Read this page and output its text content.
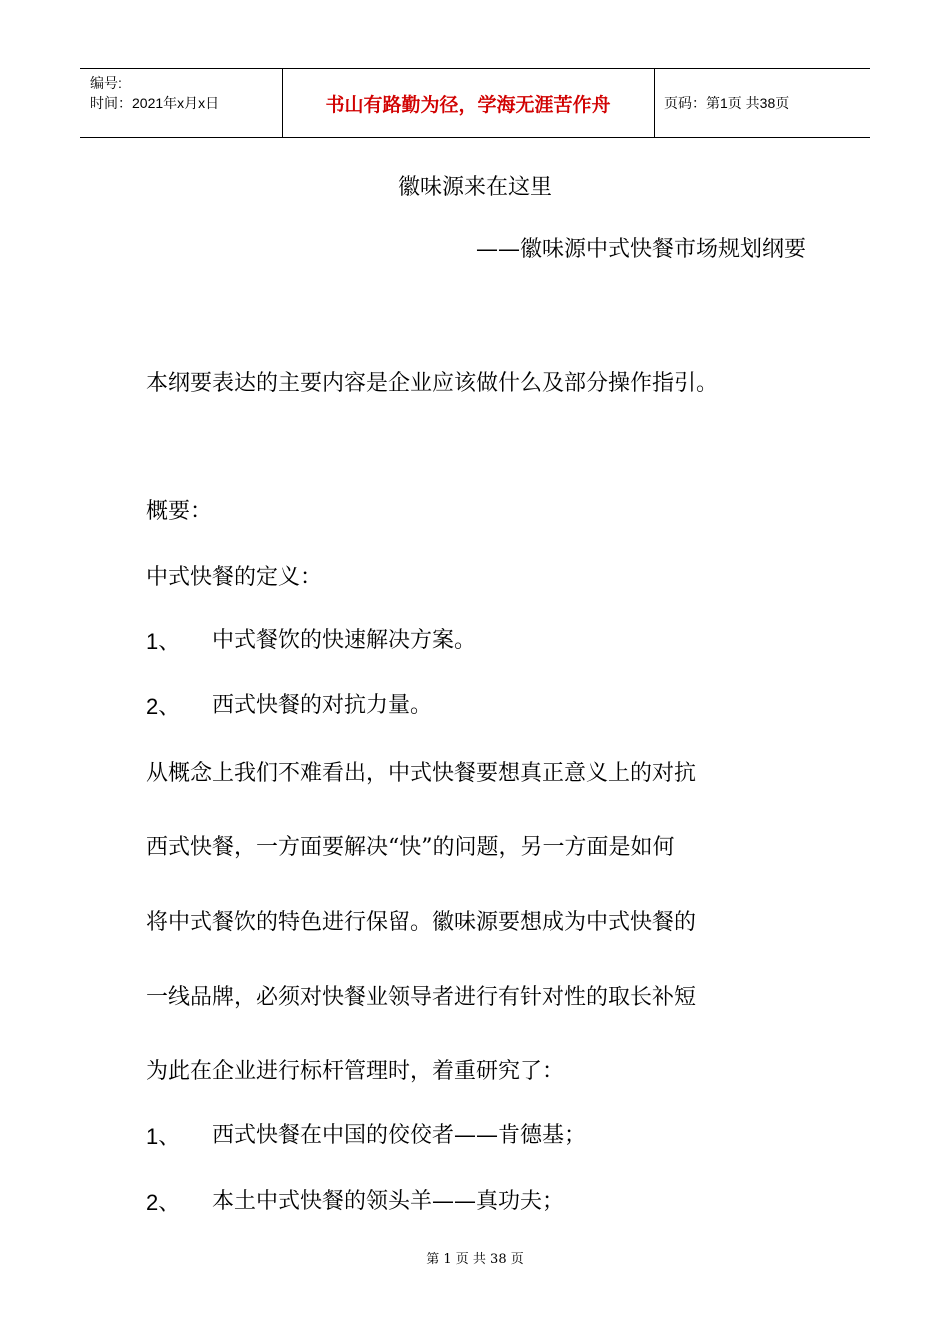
编号:
时间：2021年x月x日	书山有路勤为径，学海无涯苦作舟	页码：第1页 共38页
徽味源来在这里
——徽味源中式快餐市场规划纲要
本纲要表达的主要内容是企业应该做什么及部分操作指引。
概要：
中式快餐的定义：
1、 中式餐饮的快速解决方案。
2、 西式快餐的对抗力量。
从概念上我们不难看出，中式快餐要想真正意义上的对抗
西式快餐，一方面要解决“快”的问题，另一方面是如何
将中式餐饮的特色进行保留。徽味源要想成为中式快餐的
一线品牌，必须对快餐业领导者进行有针对性的取长补短
为此在企业进行标杆管理时，着重研究了：
1、 西式快餐在中国的佼佼者——肯德基；
2、 本土中式快餐的领头羊——真功夫；
第 1 页 共 38 页
